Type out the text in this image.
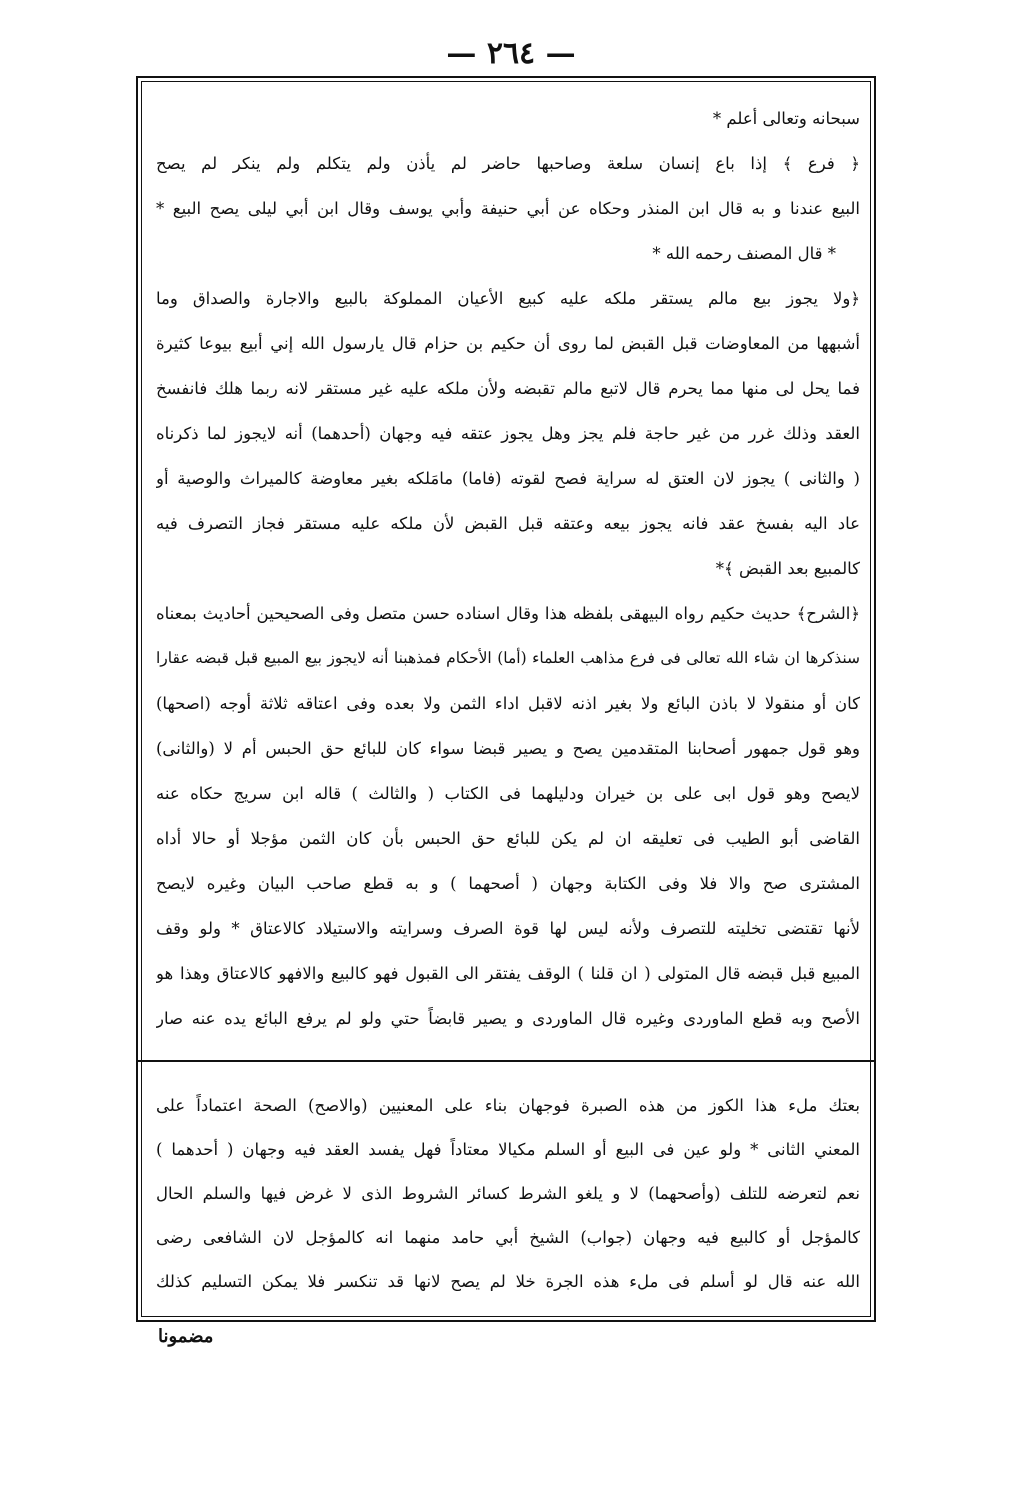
— ٢٦٤ —
سبحانه وتعالى أعلم *
﴿ فرع ﴾ إذا باع إنسان سلعة وصاحبها حاضر لم يأذن ولم يتكلم ولم ينكر لم يصح
البيع عندنا و به قال ابن المنذر وحكاه عن أبي حنيفة وأبي يوسف وقال ابن أبي ليلى يصح البيع *
* قال المصنف رحمه الله *
﴿ولا يجوز بيع مالم يستقر ملكه عليه كبيع الأعيان المملوكة بالبيع والاجارة والصداق وما
أشبهها من المعاوضات قبل القبض لما روى أن حكيم بن حزام قال يارسول الله إني أبيع بيوعا كثيرة
فما يحل لى منها مما يحرم قال لاتبع مالم تقبضه ولأن ملكه عليه غير مستقر لانه ربما هلك فانفسخ
العقد وذلك غرر من غير حاجة فلم يجز وهل يجوز عتقه فيه وجهان (أحدهما) أنه لايجوز لما ذكرناه
( والثانى ) يجوز لان العتق له سراية فصح لقوته (فاما) مامَلكه بغير معاوضة كالميراث والوصية أو
عاد اليه بفسخ عقد فانه يجوز بيعه وعتقه قبل القبض لأن ملكه عليه مستقر فجاز التصرف فيه
كالمبيع بعد القبض ﴾*
﴿الشرح﴾ حديث حكيم رواه البيهقى بلفظه هذا وقال اسناده حسن متصل وفى الصحيحين أحاديث بمعناه
سنذكرها ان شاء الله تعالى فى فرع مذاهب العلماء (أما) الأحكام فمذهبنا أنه لايجوز بيع المبيع قبل قبضه عقارا
كان أو منقولا لا باذن البائع ولا بغير اذنه لاقبل اداء الثمن ولا بعده وفى اعتاقه ثلاثة أوجه (اصحها)
وهو قول جمهور أصحابنا المتقدمين يصح و يصير قبضا سواء كان للبائع حق الحبس أم لا (والثانى)
لايصح وهو قول ابى على بن خيران ودليلهما فى الكتاب ( والثالث ) قاله ابن سريج حكاه عنه
القاضى أبو الطيب فى تعليقه ان لم يكن للبائع حق الحبس بأن كان الثمن مؤجلا أو حالا أداه
المشترى صح والا فلا وفى الكتابة وجهان ( أصحهما ) و به قطع صاحب البيان وغيره لايصح
لأنها تقتضى تخليته للتصرف ولأنه ليس لها قوة الصرف وسرايته والاستيلاد كالاعتاق * ولو وقف
المبيع قبل قبضه قال المتولى ( ان قلنا ) الوقف يفتقر الى القبول فهو كالبيع والافهو كالاعتاق وهذا هو
الأصح وبه قطع الماوردى وغيره قال الماوردى و يصير قابضاً حتي ولو لم يرفع البائع يده عنه صار
بعتك ملء هذا الكوز من هذه الصبرة فوجهان بناء على المعنيين (والاصح) الصحة اعتماداً على
المعني الثانى * ولو عين فى البيع أو السلم مكيالا معتاداً فهل يفسد العقد فيه وجهان ( أحدهما )
نعم لتعرضه للتلف (وأصحهما) لا و يلغو الشرط كسائر الشروط الذى لا غرض فيها والسلم الحال
كالمؤجل أو كالبيع فيه وجهان (جواب) الشيخ أبي حامد منهما انه كالمؤجل لان الشافعى رضى
الله عنه قال لو أسلم فى ملء هذه الجرة خلا لم يصح لانها قد تنكسر فلا يمكن التسليم كذلك
مضمونا
